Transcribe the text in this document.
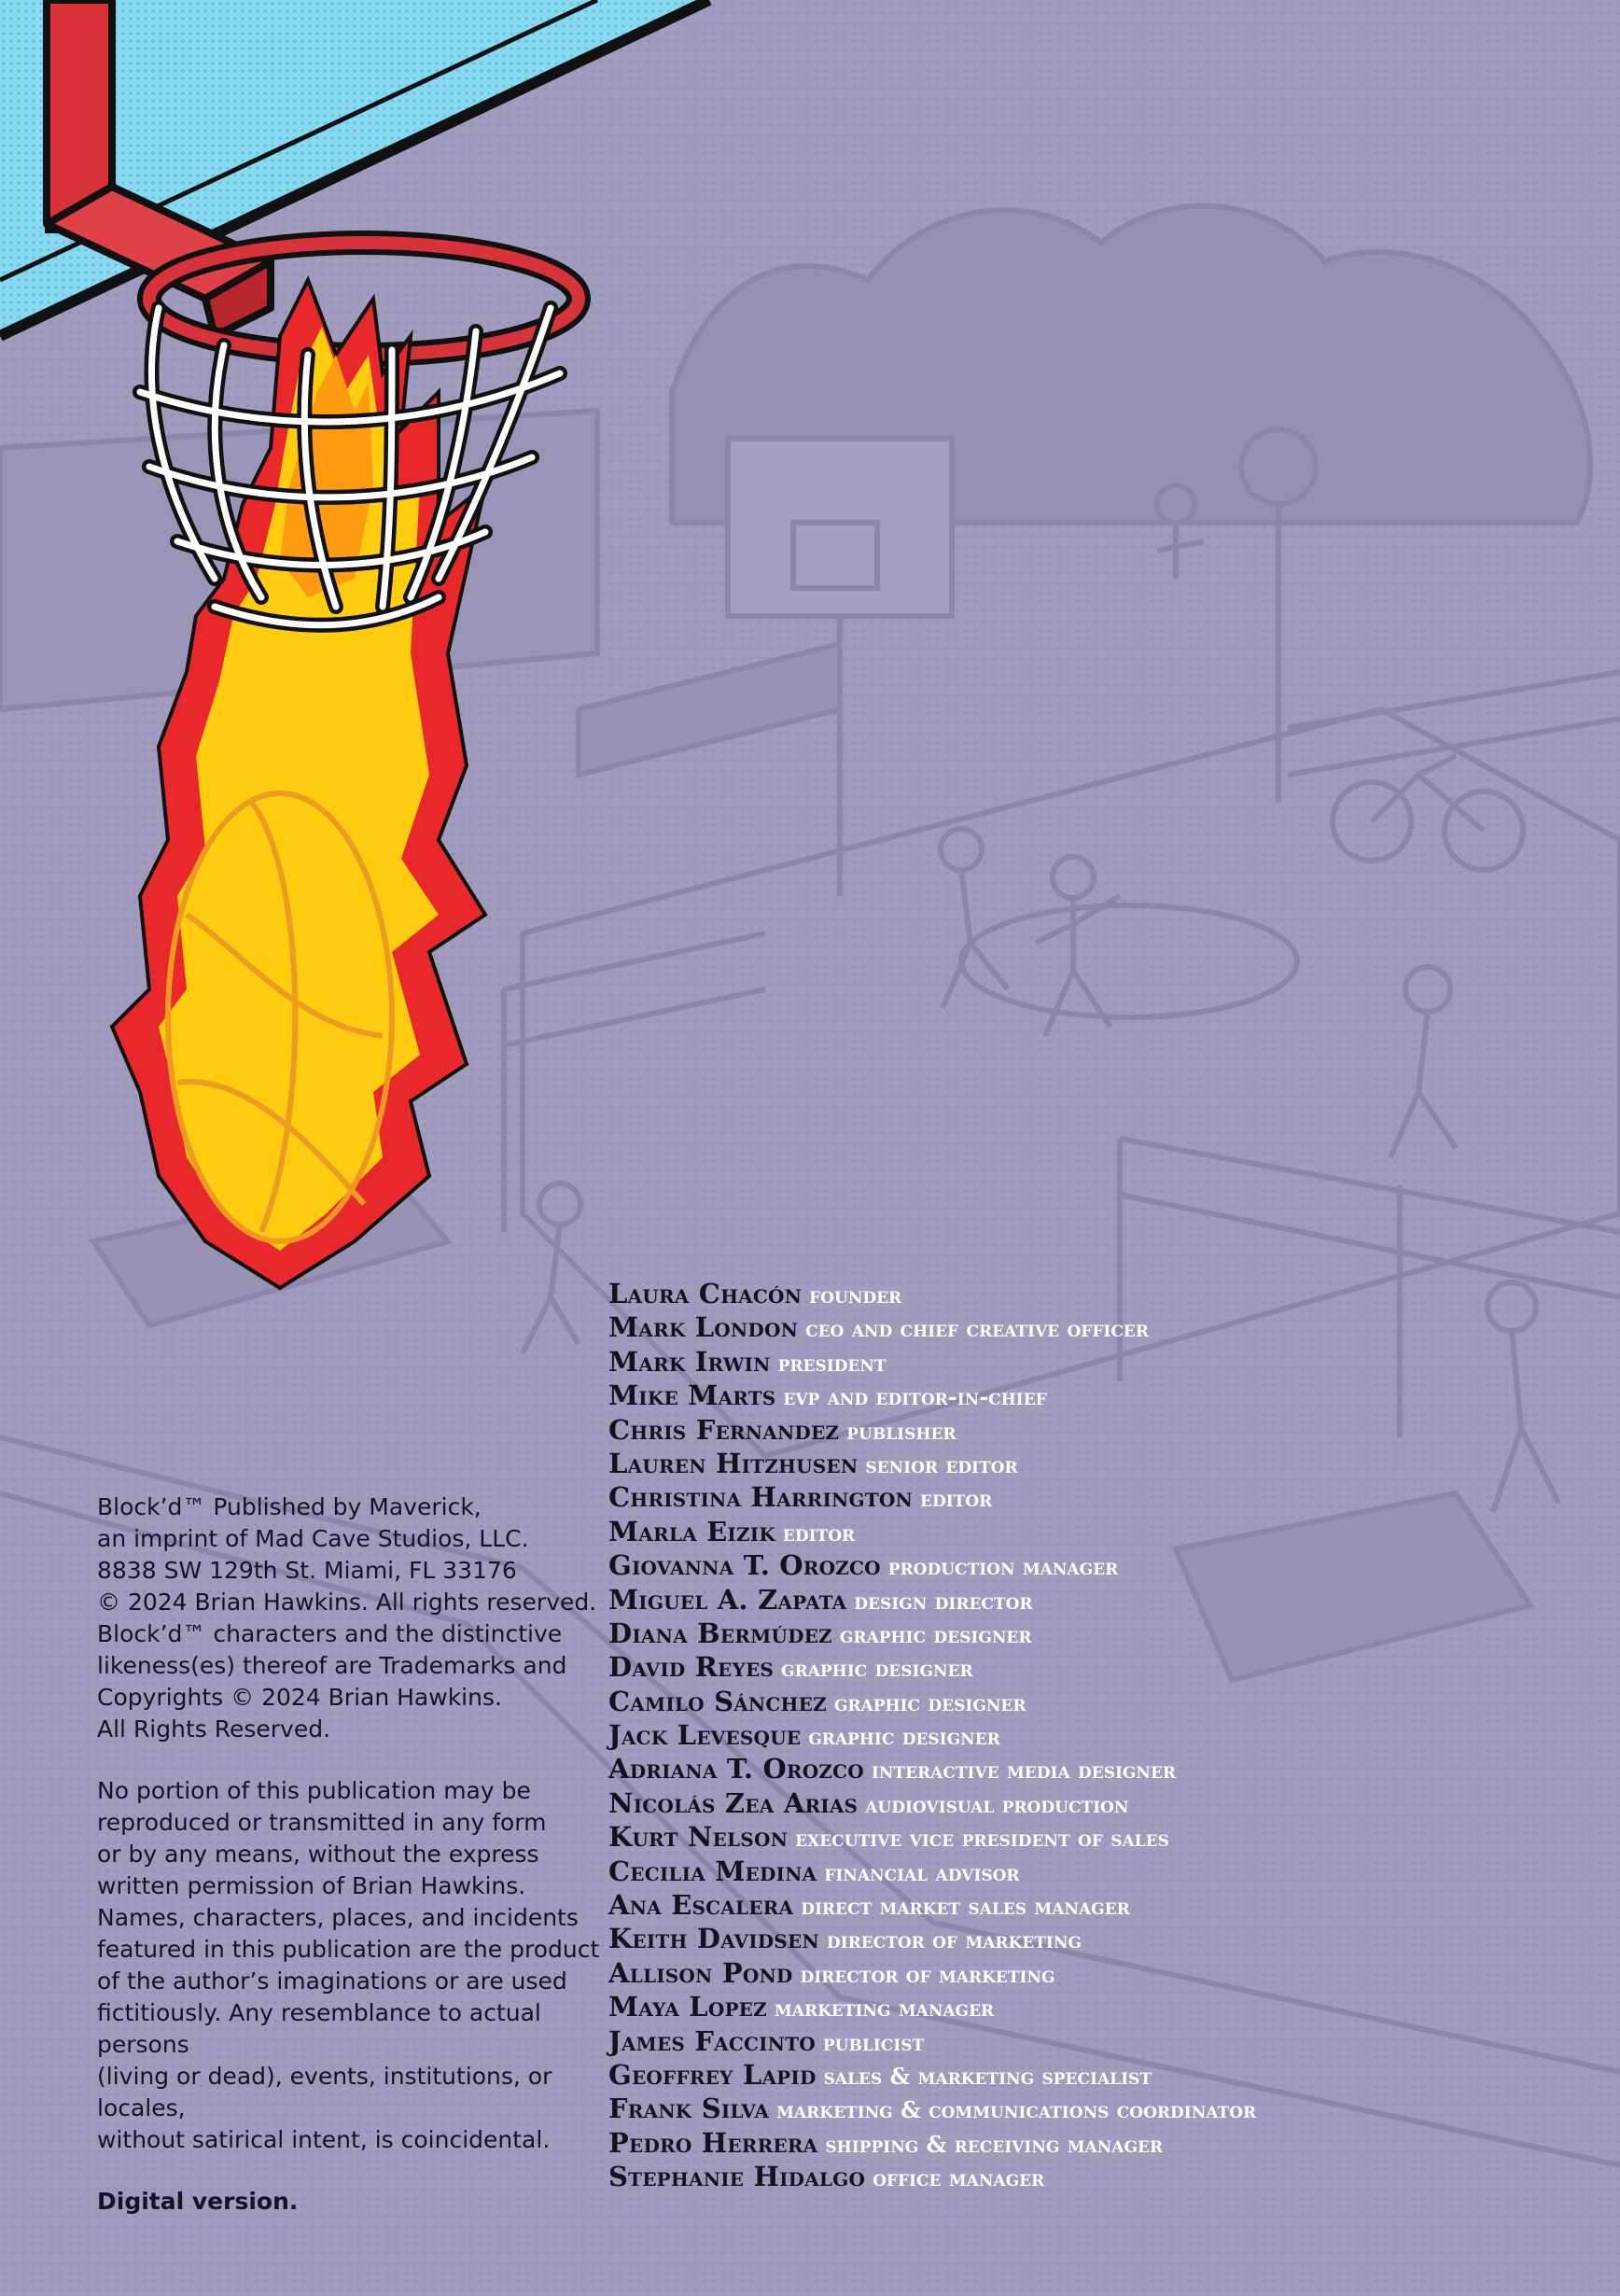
Block’d™ Published by Maverick,
an imprint of Mad Cave Studios, LLC.
8838 SW 129th St. Miami, FL 33176
© 2024 Brian Hawkins. All rights reserved.
Block’d™ characters and the distinctive
likeness(es) thereof are Trademarks and
Copyrights © 2024 Brian Hawkins.
All Rights Reserved.

No portion of this publication may be
reproduced or transmitted in any form
or by any means, without the express
written permission of Brian Hawkins.
Names, characters, places, and incidents
featured in this publication are the product
of the author’s imaginations or are used
fictitiously. Any resemblance to actual persons
(living or dead), events, institutions, or locales,
without satirical intent, is coincidental.

Digital version.

Laura Chacón founder
Mark London ceo and chief creative officer
Mark Irwin president
Mike Marts evp and editor-in-chief
Chris Fernandez publisher
Lauren Hitzhusen senior editor
Christina Harrington editor
Marla Eizik editor
Giovanna T. Orozco production manager
Miguel A. Zapata design director
Diana Bermúdez graphic designer
David Reyes graphic designer
Camilo Sánchez graphic designer
Jack Levesque graphic designer
Adriana T. Orozco interactive media designer
Nicolás Zea Arias audiovisual production
Kurt Nelson executive vice president of sales
Cecilia Medina financial advisor
Ana Escalera direct market sales manager
Keith Davidsen director of marketing
Allison Pond director of marketing
Maya Lopez marketing manager
James Faccinto publicist
Geoffrey Lapid sales & marketing specialist
Frank Silva marketing & communications coordinator
Pedro Herrera shipping & receiving manager
Stephanie Hidalgo office manager
